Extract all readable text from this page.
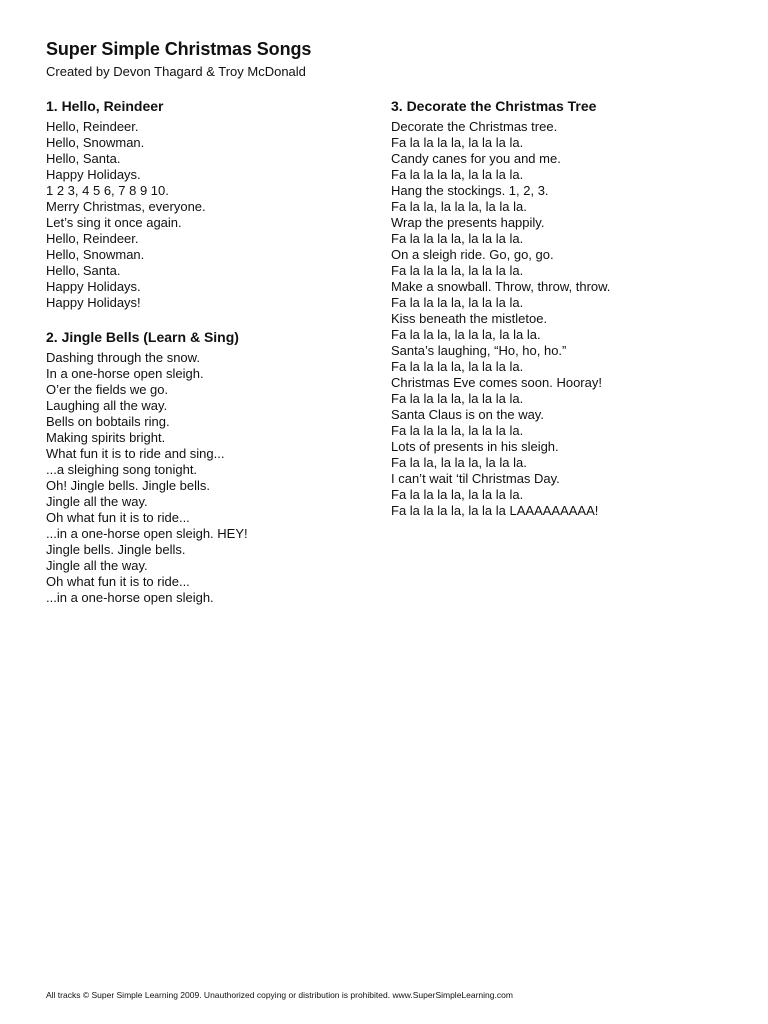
Super Simple Christmas Songs

Created by Devon Thagard & Troy McDonald

1. Hello, Reindeer
Hello, Reindeer.
Hello, Snowman.
Hello, Santa.
Happy Holidays.
1 2 3, 4 5 6, 7 8 9 10.
Merry Christmas, everyone.
Let’s sing it once again.
Hello, Reindeer.
Hello, Snowman.
Hello, Santa.
Happy Holidays.
Happy Holidays!
2. Jingle Bells (Learn & Sing)
Dashing through the snow.
In a one-horse open sleigh.
O’er the fields we go.
Laughing all the way.
Bells on bobtails ring.
Making spirits bright.
What fun it is to ride and sing...
...a sleighing song tonight.
Oh! Jingle bells. Jingle bells.
Jingle all the way.
Oh what fun it is to ride...
...in a one-horse open sleigh. HEY!
Jingle bells. Jingle bells.
Jingle all the way.
Oh what fun it is to ride...
...in a one-horse open sleigh.
3. Decorate the Christmas Tree
Decorate the Christmas tree.
Fa la la la la, la la la la.
Candy canes for you and me.
Fa la la la la, la la la la.
Hang the stockings. 1, 2, 3.
Fa la la, la la la, la la la.
Wrap the presents happily.
Fa la la la la, la la la la.
On a sleigh ride. Go, go, go.
Fa la la la la, la la la la.
Make a snowball. Throw, throw, throw.
Fa la la la la, la la la la.
Kiss beneath the mistletoe.
Fa la la la, la la la, la la la.
Santa’s laughing, “Ho, ho, ho.”
Fa la la la la, la la la la.
Christmas Eve comes soon. Hooray!
Fa la la la la, la la la la.
Santa Claus is on the way.
Fa la la la la, la la la la.
Lots of presents in his sleigh.
Fa la la, la la la, la la la.
I can’t wait ‘til Christmas Day.
Fa la la la la, la la la la.
Fa la la la la, la la la LAAAAAAAAA!

All tracks © Super Simple Learning 2009. Unauthorized copying or distribution is prohibited. www.SuperSimpleLearning.com
